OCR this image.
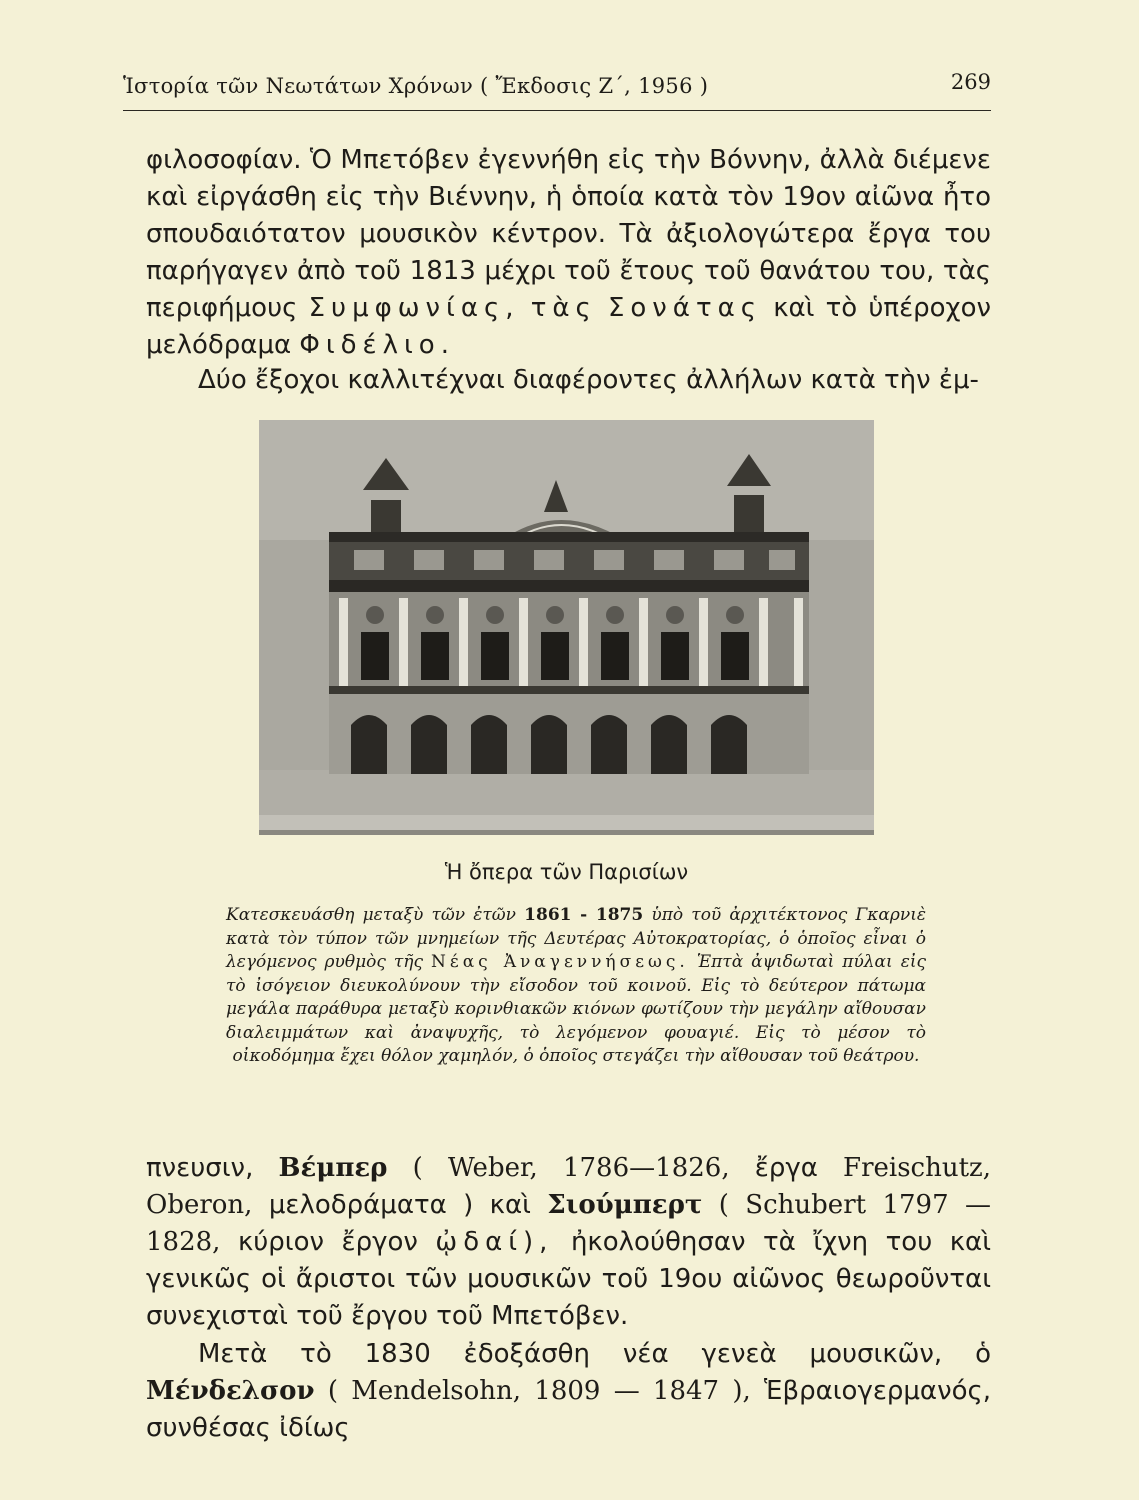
Ἱστορία τῶν Νεωτάτων Χρόνων ( Ἔκδοσις Ζ΄, 1956 )	269

φιλοσοφίαν. Ὁ Μπετόβεν ἐγεννήθη εἰς τὴν Βόννην, ἀλλὰ διέμενε καὶ εἰργάσθη εἰς τὴν Βιέννην, ἡ ὁποία κατὰ τὸν 19ον αἰῶνα ἦτο σπουδαιότατον μουσικὸν κέντρον. Τὰ ἀξιολογώτερα ἔργα του παρήγαγεν ἀπὸ τοῦ 1813 μέχρι τοῦ ἔτους τοῦ θανάτου του, τὰς περιφήμους Συμφωνίας, τὰς Σονάτας καὶ τὸ ὑπέροχον μελόδραμα Φιδέλιο.

Δύο ἔξοχοι καλλιτέχναι διαφέροντες ἀλλήλων κατὰ τὴν ἐμ-

Ἡ ὄπερα τῶν Παρισίων

Κατεσκευάσθη μεταξὺ τῶν ἐτῶν 1861 - 1875 ὑπὸ τοῦ ἀρχιτέκτονος Γκαρνιὲ κατὰ τὸν τύπον τῶν μνημείων τῆς Δευτέρας Αὐτοκρατορίας, ὁ ὁποῖος εἶναι ὁ λεγόμενος ρυθμὸς τῆς Νέας Ἀναγεννήσεως. Ἑπτὰ ἀψιδωταὶ πύλαι εἰς τὸ ἰσόγειον διευκολύνουν τὴν εἴσοδον τοῦ κοινοῦ. Εἰς τὸ δεύτερον πάτωμα μεγάλα παράθυρα μεταξὺ κορινθιακῶν κιόνων φωτίζουν τὴν μεγάλην αἴθουσαν διαλειμμάτων καὶ ἀναψυχῆς, τὸ λεγόμενον φουαγιέ. Εἰς τὸ μέσον τὸ οἰκοδόμημα ἔχει θόλον χαμηλόν, ὁ ὁποῖος στεγάζει τὴν αἴθουσαν τοῦ θεάτρου.

πνευσιν, Βέμπερ ( Weber, 1786—1826, ἔργα Freischutz, Oberon, μελοδράματα ) καὶ Σιούμπερτ ( Schubert 1797 — 1828, κύριον ἔργον ᾠδαί), ἠκολούθησαν τὰ ἴχνη του καὶ γενικῶς οἱ ἄριστοι τῶν μουσικῶν τοῦ 19ου αἰῶνος θεωροῦνται συνεχισταὶ τοῦ ἔργου τοῦ Μπετόβεν.

Μετὰ τὸ 1830 ἐδοξάσθη νέα γενεὰ μουσικῶν, ὁ Μένδελσον ( Mendelsohn, 1809 — 1847 ), Ἑβραιογερμανός, συνθέσας ἰδίως
